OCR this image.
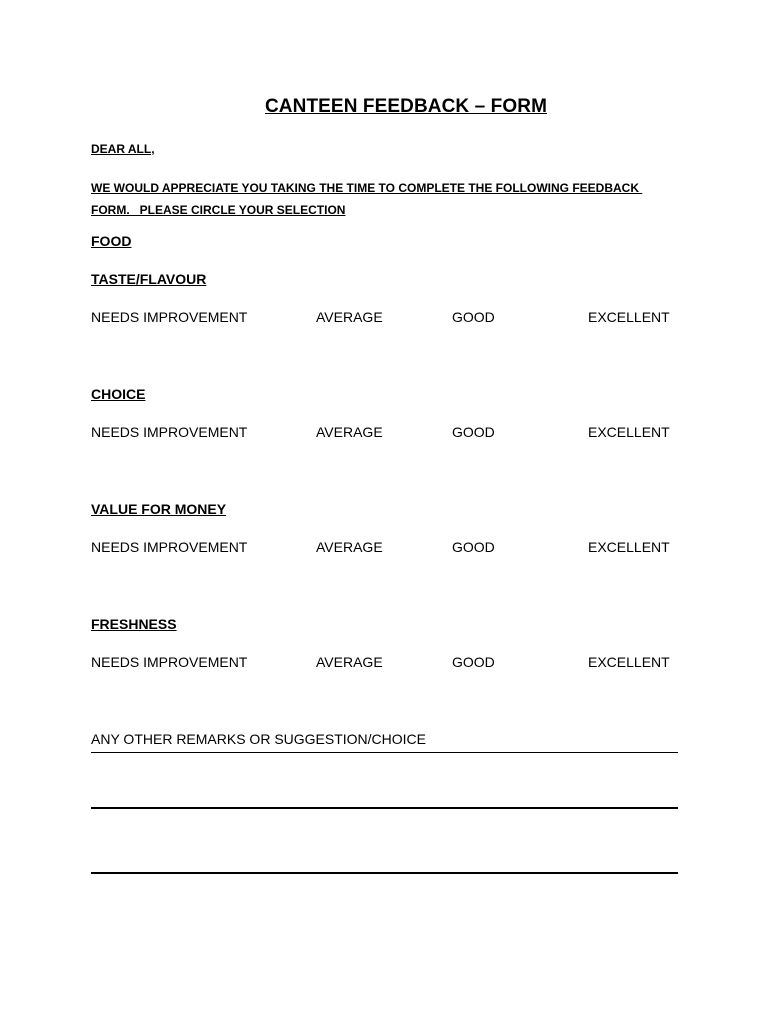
CANTEEN FEEDBACK – FORM
DEAR ALL,
WE WOULD APPRECIATE YOU TAKING THE TIME TO COMPLETE THE FOLLOWING FEEDBACK
FORM.   PLEASE CIRCLE YOUR SELECTION
FOOD
TASTE/FLAVOUR
NEEDS IMPROVEMENT	AVERAGE	GOOD	EXCELLENT
CHOICE
NEEDS IMPROVEMENT	AVERAGE	GOOD	EXCELLENT
VALUE FOR MONEY
NEEDS IMPROVEMENT	AVERAGE	GOOD	EXCELLENT
FRESHNESS
NEEDS IMPROVEMENT	AVERAGE	GOOD	EXCELLENT
ANY OTHER REMARKS OR SUGGESTION/CHOICE
